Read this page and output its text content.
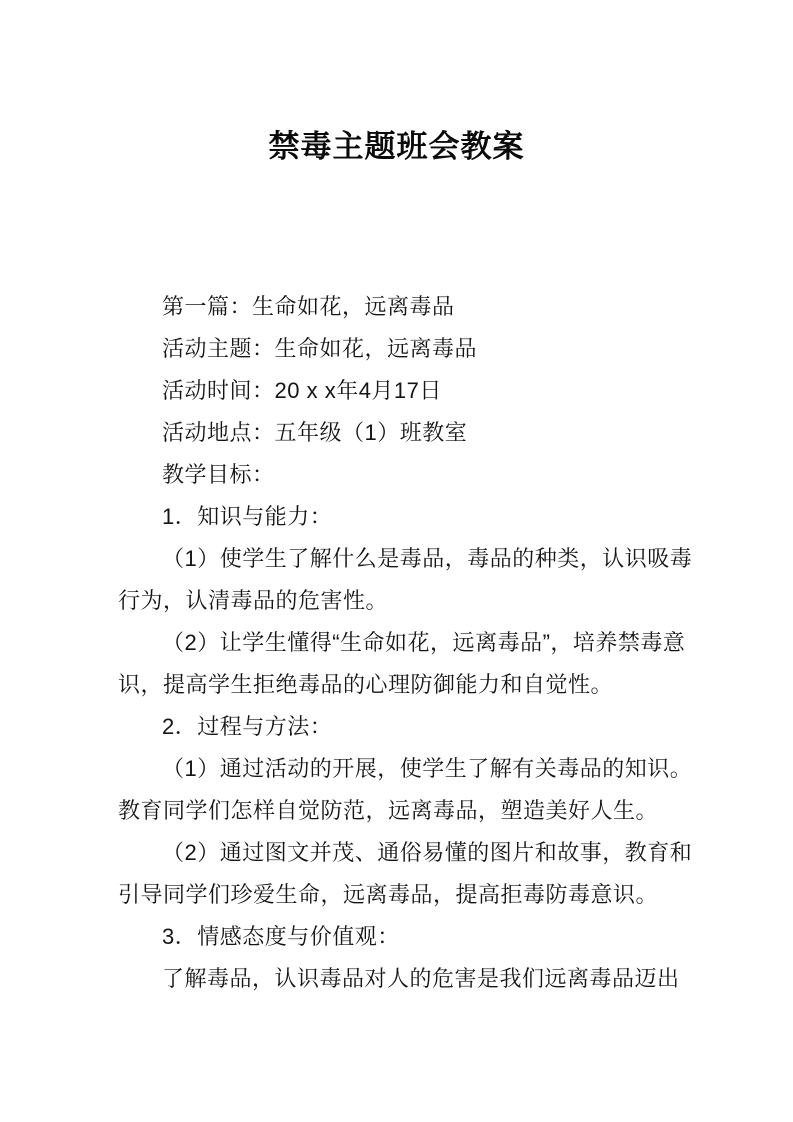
禁毒主题班会教案

第一篇：生命如花，远离毒品

活动主题：生命如花，远离毒品

活动时间：20 x x年4月17日

活动地点：五年级（1）班教室

教学目标：

1．知识与能力：

（1）使学生了解什么是毒品，毒品的种类，认识吸毒
行为，认清毒品的危害性。

（2）让学生懂得“生命如花，远离毒品”，培养禁毒意
识，提高学生拒绝毒品的心理防御能力和自觉性。

2．过程与方法：

（1）通过活动的开展，使学生了解有关毒品的知识。
教育同学们怎样自觉防范，远离毒品，塑造美好人生。

（2）通过图文并茂、通俗易懂的图片和故事，教育和
引导同学们珍爱生命，远离毒品，提高拒毒防毒意识。

3．情感态度与价值观：

了解毒品，认识毒品对人的危害是我们远离毒品迈出
